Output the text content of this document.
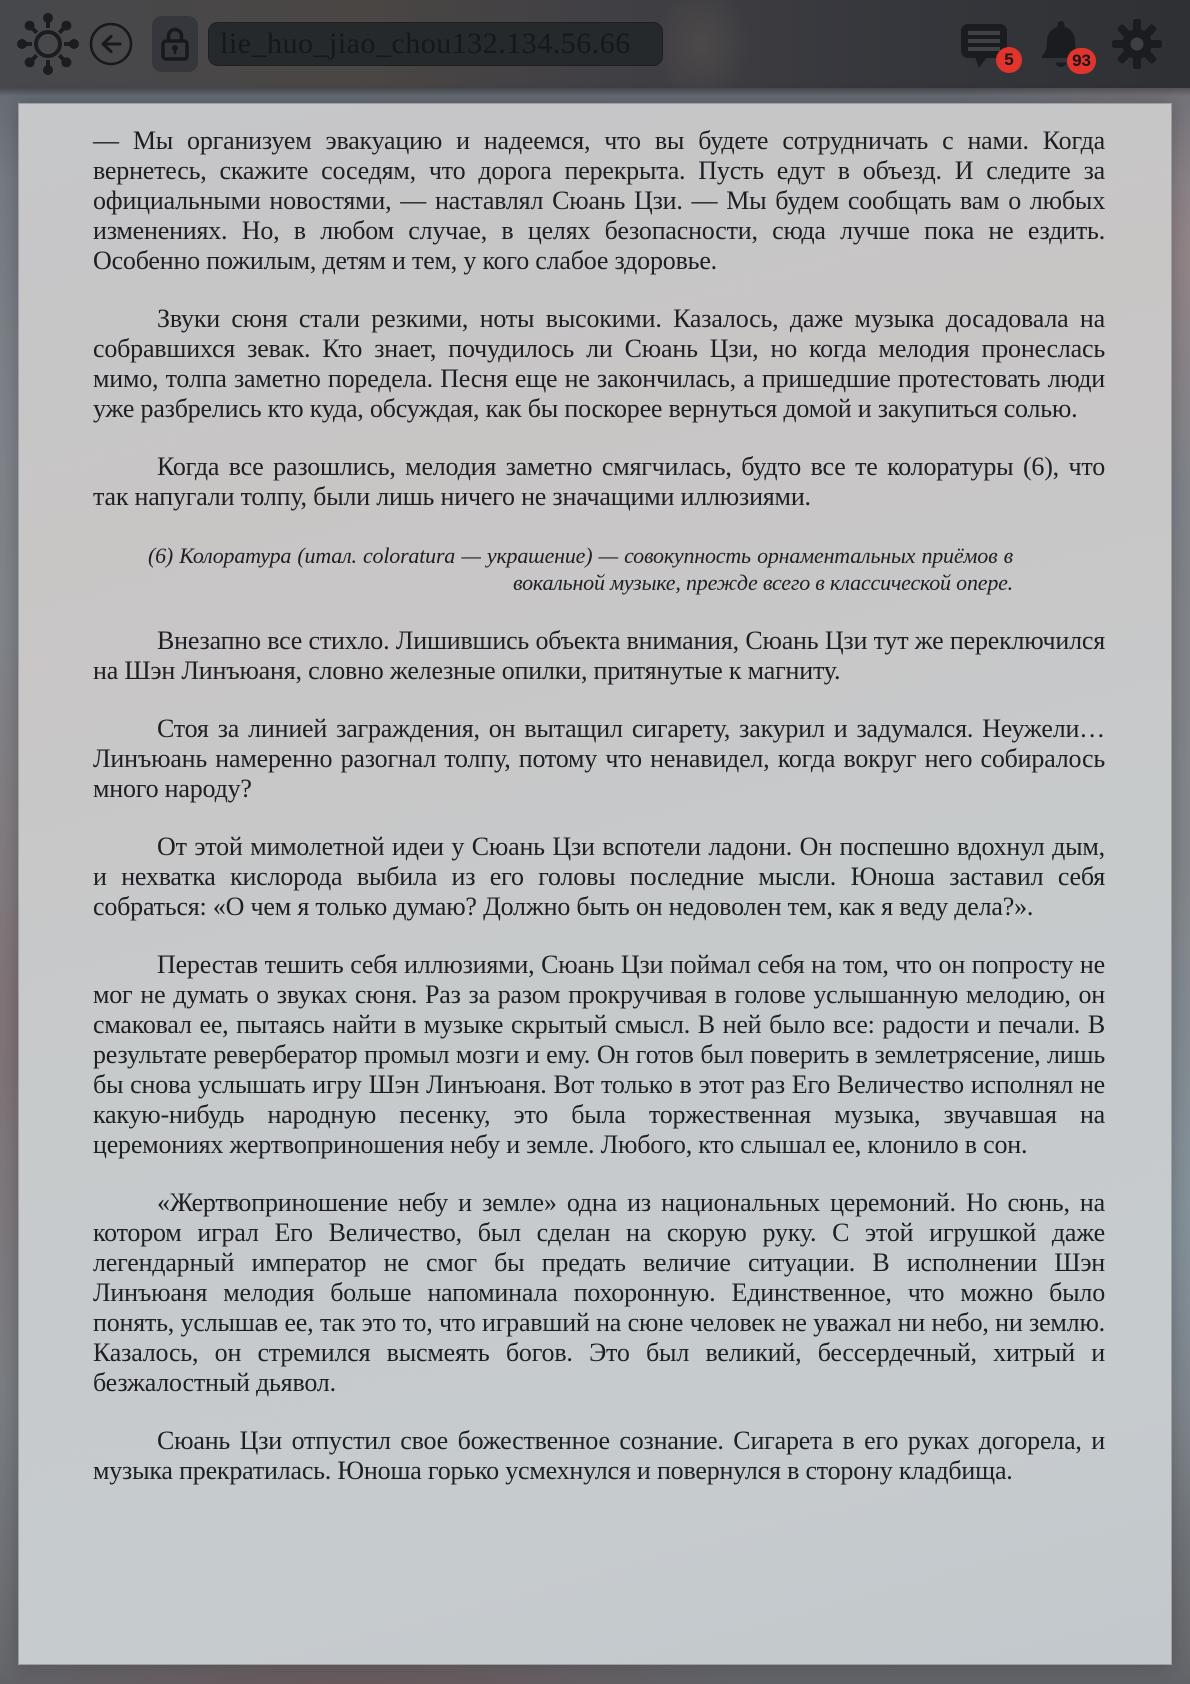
lie_huo_jiao_chou132.134.56.66	5	93

— Мы организуем эвакуацию и надеемся, что вы будете сотрудничать с нами. Когда вернетесь, скажите соседям, что дорога перекрыта. Пусть едут в объезд. И следите за официальными новостями, — наставлял Сюань Цзи. — Мы будем сообщать вам о любых изменениях. Но, в любом случае, в целях безопасности, сюда лучше пока не ездить. Особенно пожилым, детям и тем, у кого слабое здоровье.

Звуки сюня стали резкими, ноты высокими. Казалось, даже музыка досадовала на собравшихся зевак. Кто знает, почудилось ли Сюань Цзи, но когда мелодия пронеслась мимо, толпа заметно поредела. Песня еще не закончилась, а пришедшие протестовать люди уже разбрелись кто куда, обсуждая, как бы поскорее вернуться домой и закупиться солью.

Когда все разошлись, мелодия заметно смягчилась, будто все те колоратуры (6), что так напугали толпу, были лишь ничего не значащими иллюзиями.

(6) Колоратура (итал. coloratura — украшение) — совокупность орнаментальных приёмов в вокальной музыке, прежде всего в классической опере.

Внезапно все стихло. Лишившись объекта внимания, Сюань Цзи тут же переключился на Шэн Линъюаня, словно железные опилки, притянутые к магниту.

Стоя за линией заграждения, он вытащил сигарету, закурил и задумался. Неужели… Линъюань намеренно разогнал толпу, потому что ненавидел, когда вокруг него собиралось много народу?

От этой мимолетной идеи у Сюань Цзи вспотели ладони. Он поспешно вдохнул дым, и нехватка кислорода выбила из его головы последние мысли. Юноша заставил себя собраться: «О чем я только думаю? Должно быть он недоволен тем, как я веду дела?».

Перестав тешить себя иллюзиями, Сюань Цзи поймал себя на том, что он попросту не мог не думать о звуках сюня. Раз за разом прокручивая в голове услышанную мелодию, он смаковал ее, пытаясь найти в музыке скрытый смысл. В ней было все: радости и печали. В результате ревербератор промыл мозги и ему. Он готов был поверить в землетрясение, лишь бы снова услышать игру Шэн Линъюаня. Вот только в этот раз Его Величество исполнял не какую-нибудь народную песенку, это была торжественная музыка, звучавшая на церемониях жертвоприношения небу и земле. Любого, кто слышал ее, клонило в сон.

«Жертвоприношение небу и земле» одна из национальных церемоний. Но сюнь, на котором играл Его Величество, был сделан на скорую руку. С этой игрушкой даже легендарный император не смог бы предать величие ситуации. В исполнении Шэн Линъюаня мелодия больше напоминала похоронную. Единственное, что можно было понять, услышав ее, так это то, что игравший на сюне человек не уважал ни небо, ни землю. Казалось, он стремился высмеять богов. Это был великий, бессердечный, хитрый и безжалостный дьявол.

Сюань Цзи отпустил свое божественное сознание. Сигарета в его руках догорела, и музыка прекратилась. Юноша горько усмехнулся и повернулся в сторону кладбища.
